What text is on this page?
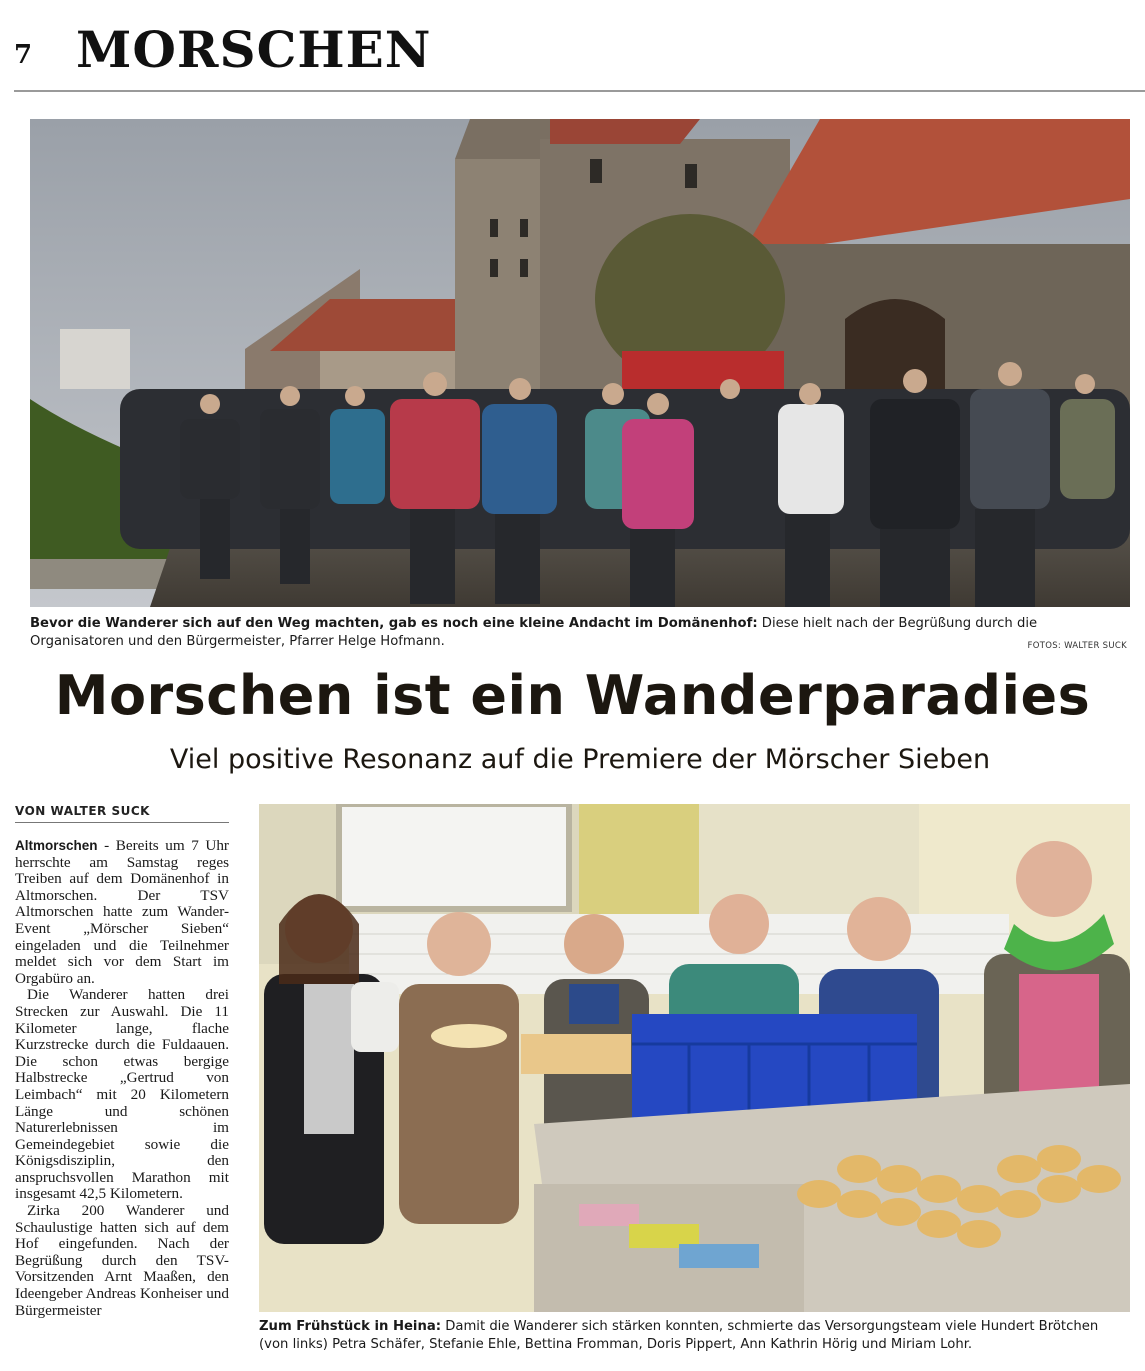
7 MORSCHEN
Bevor die Wanderer sich auf den Weg machten, gab es noch eine kleine Andacht im Domänenhof: Diese hielt nach der Begrüßung durch die Organisatoren und den Bürgermeister, Pfarrer Helge Hofmann.	FOTOS: WALTER SUCK
Morschen ist ein Wanderparadies
Viel positive Resonanz auf die Premiere der Mörscher Sieben
VON WALTER SUCK

Altmorschen - Bereits um 7 Uhr herrschte am Samstag reges Treiben auf dem Domänenhof in Altmorschen. Der TSV Altmorschen hatte zum Wander-Event „Mörscher Sieben“ eingeladen und die Teilnehmer meldet sich vor dem Start im Orgabüro an.

Die Wanderer hatten drei Strecken zur Auswahl. Die 11 Kilometer lange, flache Kurzstrecke durch die Fuldaauen. Die schon etwas bergige Halbstrecke „Gertrud von Leimbach“ mit 20 Kilometern Länge und schönen Naturerlebnissen im Gemeindegebiet sowie die Königsdisziplin, den anspruchsvollen Marathon mit insgesamt 42,5 Kilometern.

Zirka 200 Wanderer und Schaulustige hatten sich auf dem Hof eingefunden. Nach der Begrüßung durch den TSV-Vorsitzenden Arnt Maaßen, den Ideengeber Andreas Konheiser und Bürgermeister

Zum Frühstück in Heina: Damit die Wanderer sich stärken konnten, schmierte das Versorgungsteam viele Hundert Brötchen (von links) Petra Schäfer, Stefanie Ehle, Bettina Fromman, Doris Pippert, Ann Kathrin Hörig und Miriam Lohr.
